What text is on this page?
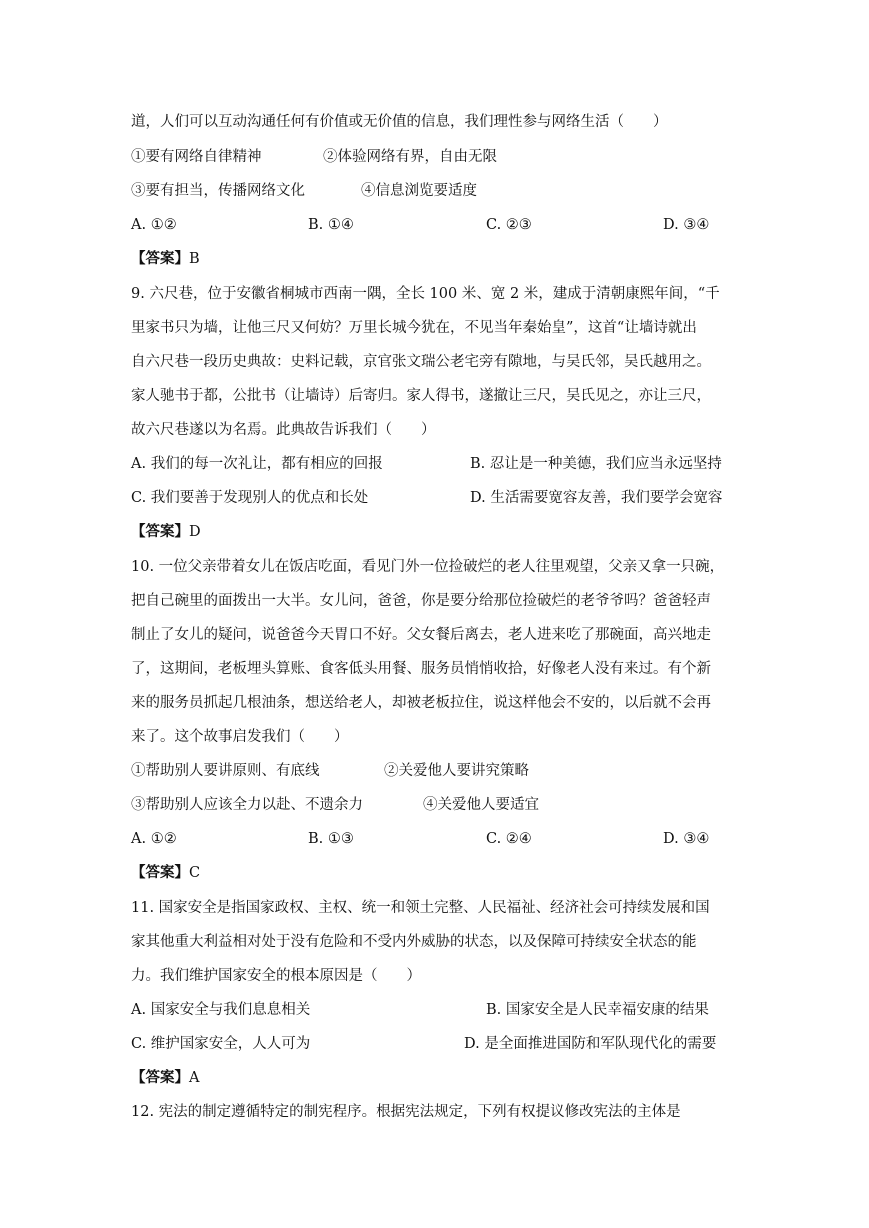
道，人们可以互动沟通任何有价值或无价值的信息，我们理性参与网络生活（　　）
①要有网络自律精神	②体验网络有界，自由无限
③要有担当，传播网络文化	④信息浏览要适度
A. ①②	B. ①④	C. ②③	D. ③④
【答案】B
9. 六尺巷，位于安徽省桐城市西南一隅，全长 100 米、宽 2 米，建成于清朝康熙年间，“千
里家书只为墙，让他三尺又何妨？万里长城今犹在，不见当年秦始皇”，这首“让墙诗就出
自六尺巷一段历史典故：史料记载，京官张文瑞公老宅旁有隙地，与吴氏邻，吴氏越用之。
家人驰书于都，公批书（让墙诗）后寄归。家人得书，遂撤让三尺，吴氏见之，亦让三尺，
故六尺巷遂以为名焉。此典故告诉我们（　　）
A. 我们的每一次礼让，都有相应的回报	B. 忍让是一种美德，我们应当永远坚持
C. 我们要善于发现别人的优点和长处	D. 生活需要宽容友善，我们要学会宽容
【答案】D
10. 一位父亲带着女儿在饭店吃面，看见门外一位捡破烂的老人往里观望，父亲又拿一只碗，
把自己碗里的面拨出一大半。女儿问，爸爸，你是要分给那位捡破烂的老爷爷吗？爸爸轻声
制止了女儿的疑问，说爸爸今天胃口不好。父女餐后离去，老人进来吃了那碗面，高兴地走
了，这期间，老板埋头算账、食客低头用餐、服务员悄悄收拾，好像老人没有来过。有个新
来的服务员抓起几根油条，想送给老人，却被老板拉住，说这样他会不安的，以后就不会再
来了。这个故事启发我们（　　）
①帮助别人要讲原则、有底线	②关爱他人要讲究策略
③帮助别人应该全力以赴、不遗余力	④关爱他人要适宜
A. ①②	B. ①③	C. ②④	D. ③④
【答案】C
11. 国家安全是指国家政权、主权、统一和领土完整、人民福祉、经济社会可持续发展和国
家其他重大利益相对处于没有危险和不受内外威胁的状态，以及保障可持续安全状态的能
力。我们维护国家安全的根本原因是（　　）
A. 国家安全与我们息息相关	B. 国家安全是人民幸福安康的结果
C. 维护国家安全，人人可为	D. 是全面推进国防和军队现代化的需要
【答案】A
12. 宪法的制定遵循特定的制宪程序。根据宪法规定，下列有权提议修改宪法的主体是
